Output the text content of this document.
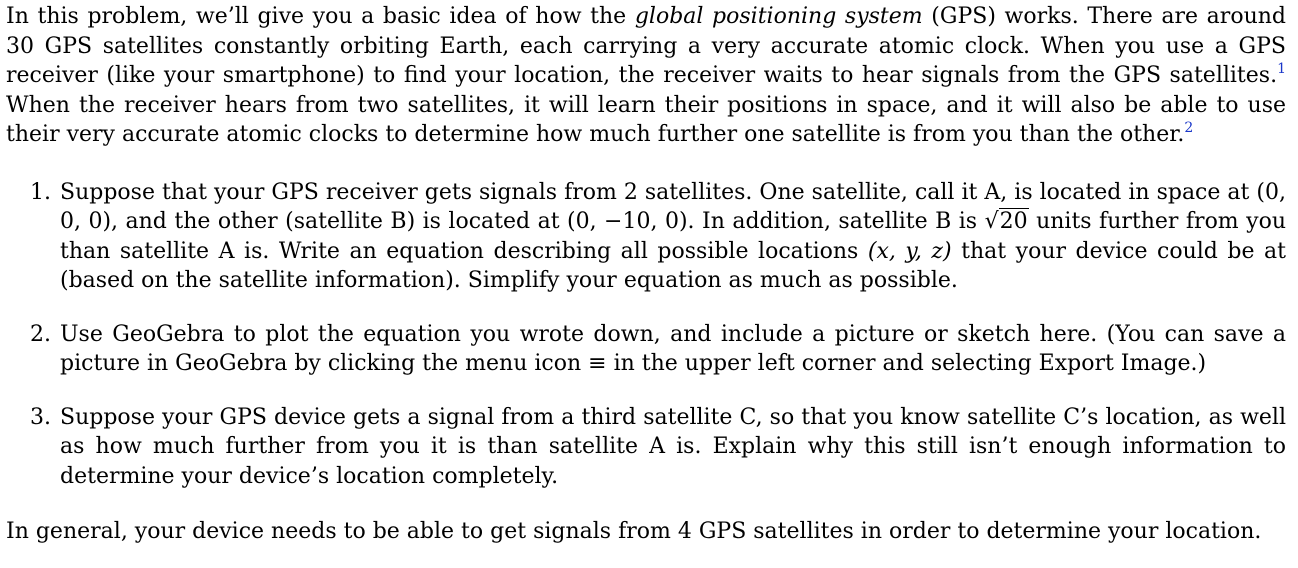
In this problem, we’ll give you a basic idea of how the global positioning system (GPS) works. There are around 30 GPS satellites constantly orbiting Earth, each carrying a very accurate atomic clock. When you use a GPS receiver (like your smartphone) to find your location, the receiver waits to hear signals from the GPS satellites.$^1$ When the receiver hears from two satellites, it will learn their positions in space, and it will also be able to use their very accurate atomic clocks to determine how much further one satellite is from you than the other.$^2$

1. Suppose that your GPS receiver gets signals from 2 satellites. One satellite, call it A, is located in space at (0, 0, 0), and the other (satellite B) is located at (0, −10, 0). In addition, satellite B is √20 units further from you than satellite A is. Write an equation describing all possible locations (x, y, z) that your device could be at (based on the satellite information). Simplify your equation as much as possible.
2. Use GeoGebra to plot the equation you wrote down, and include a picture or sketch here. (You can save a picture in GeoGebra by clicking the menu icon ≡ in the upper left corner and selecting Export Image.)
3. Suppose your GPS device gets a signal from a third satellite C, so that you know satellite C’s location, as well as how much further from you it is than satellite A is. Explain why this still isn’t enough information to determine your device’s location completely.

In general, your device needs to be able to get signals from 4 GPS satellites in order to determine your location.
